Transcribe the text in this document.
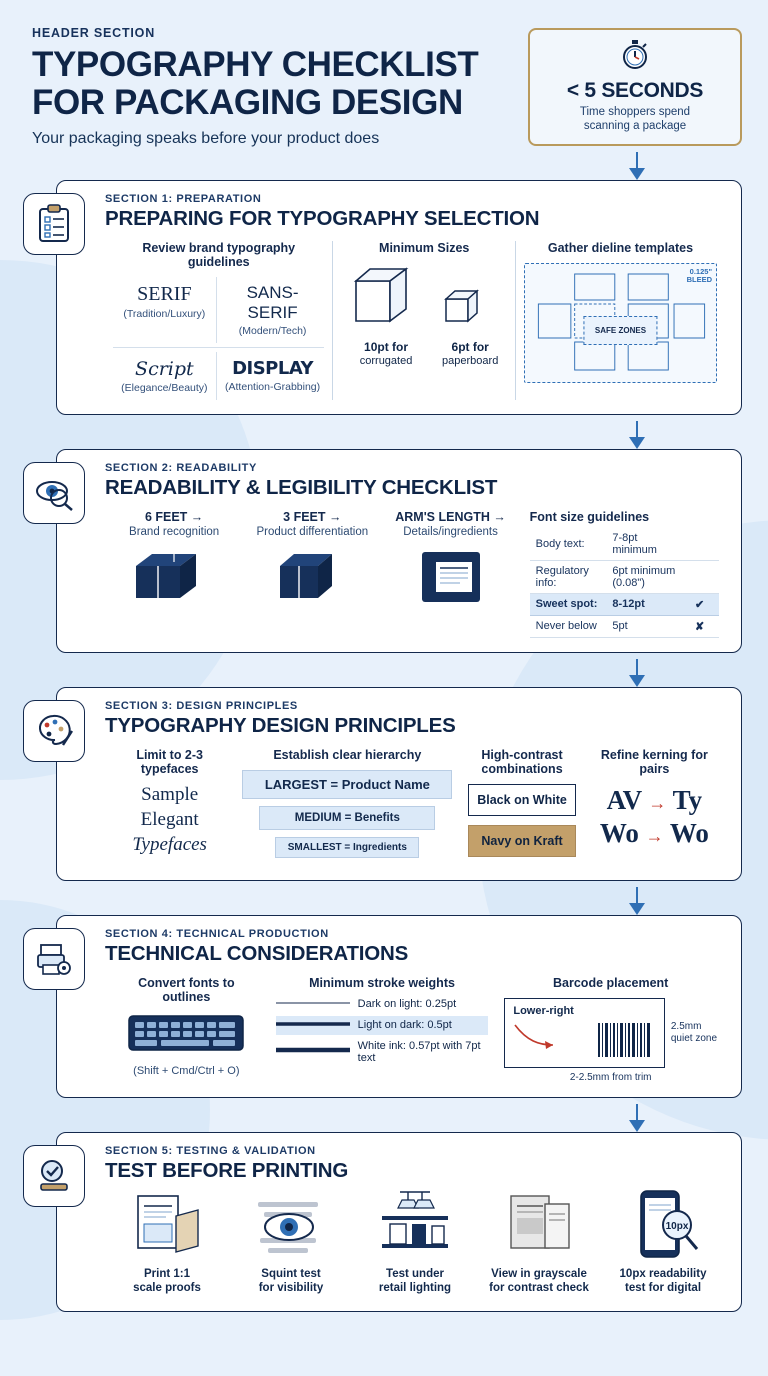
HEADER SECTION
TYPOGRAPHY CHECKLIST
FOR PACKAGING DESIGN
Your packaging speaks before your product does
< 5 SECONDS
Time shoppers spend
scanning a package
SECTION 1: PREPARATION
PREPARING FOR TYPOGRAPHY SELECTION
Review brand typography guidelines
SERIF
(Tradition/Luxury)
SANS-SERIF
(Modern/Tech)
Script
(Elegance/Beauty)
DISPLAY
(Attention-Grabbing)
Minimum Sizes
10pt for
corrugated
6pt for
paperboard
Gather dieline templates
0.125"
BLEED
SAFE ZONES
SECTION 2: READABILITY
READABILITY & LEGIBILITY CHECKLIST
6 FEET →
Brand recognition
3 FEET →
Product differentiation
ARM'S LENGTH →
Details/ingredients
Font size guidelines
Body text:	7-8pt minimum	
Regulatory info:	6pt minimum (0.08")	
Sweet spot:	8-12pt	✔
Never below	5pt	✘
SECTION 3: DESIGN PRINCIPLES
TYPOGRAPHY DESIGN PRINCIPLES
Limit to 2-3 typefaces
Sample
Elegant
Typefaces
Establish clear hierarchy
LARGEST = Product Name
MEDIUM = Benefits
SMALLEST = Ingredients
High-contrast
combinations
Black on White
Navy on Kraft
Refine kerning for pairs
AV → Ty
Wo → Wo
SECTION 4: TECHNICAL PRODUCTION
TECHNICAL CONSIDERATIONS
Convert fonts to outlines
(Shift + Cmd/Ctrl + O)
Minimum stroke weights
Dark on light: 0.25pt
Light on dark: 0.5pt
White ink: 0.57pt with 7pt text
Barcode placement
Lower-right
2.5mm
quiet zone
2-2.5mm from trim
SECTION 5: TESTING & VALIDATION
TEST BEFORE PRINTING
Print 1:1
scale proofs
Squint test
for visibility
Test under
retail lighting
View in grayscale
for contrast check
10px
10px readability
test for digital
